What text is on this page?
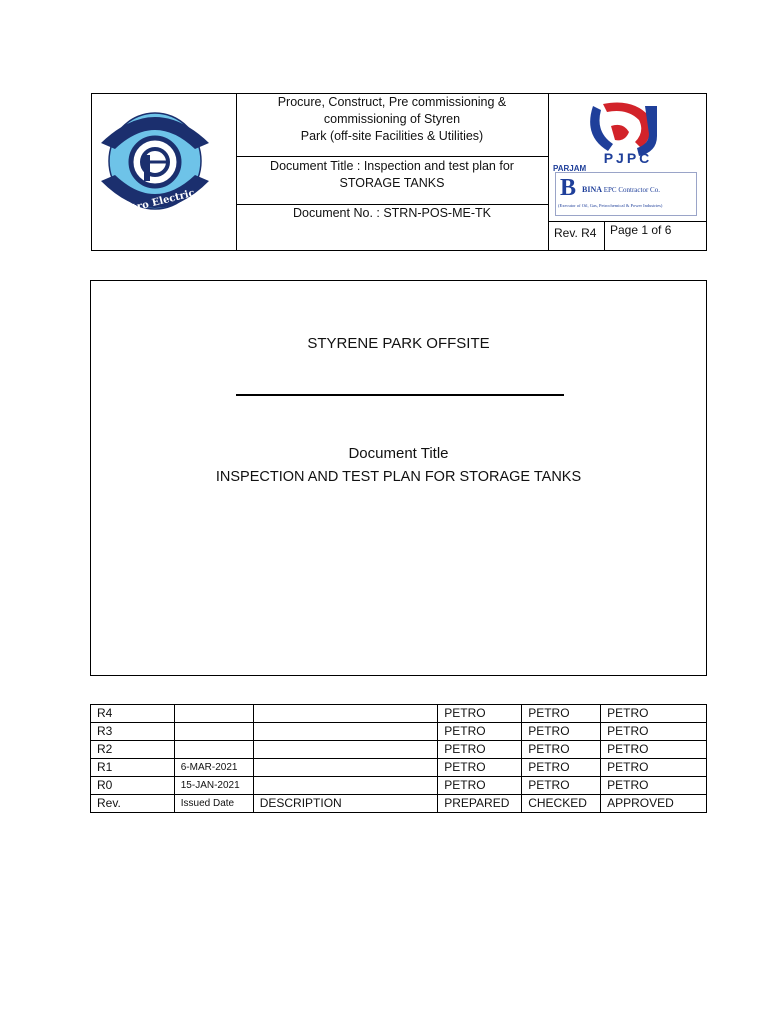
پترو الکتریک
Petro Electric
Procure, Construct, Pre commissioning &
commissioning of Styren
Park (off-site Facilities & Utilities)
Document Title : Inspection and test plan for
STORAGE TANKS
Document No. : STRN-POS-ME-TK
PJPC
PARJAM
B BINA EPC Contractor Co.
(Executor of Oil, Gas, Petrochemical & Power Industries)
Rev. R4 Page 1 of 6
STYRENE PARK OFFSITE
Document Title
INSPECTION AND TEST PLAN FOR STORAGE TANKS
R4			PETRO	PETRO	PETRO
R3			PETRO	PETRO	PETRO
R2			PETRO	PETRO	PETRO
R1	6-MAR-2021		PETRO	PETRO	PETRO
R0	15-JAN-2021		PETRO	PETRO	PETRO
Rev.	Issued Date	DESCRIPTION	PREPARED	CHECKED	APPROVED
